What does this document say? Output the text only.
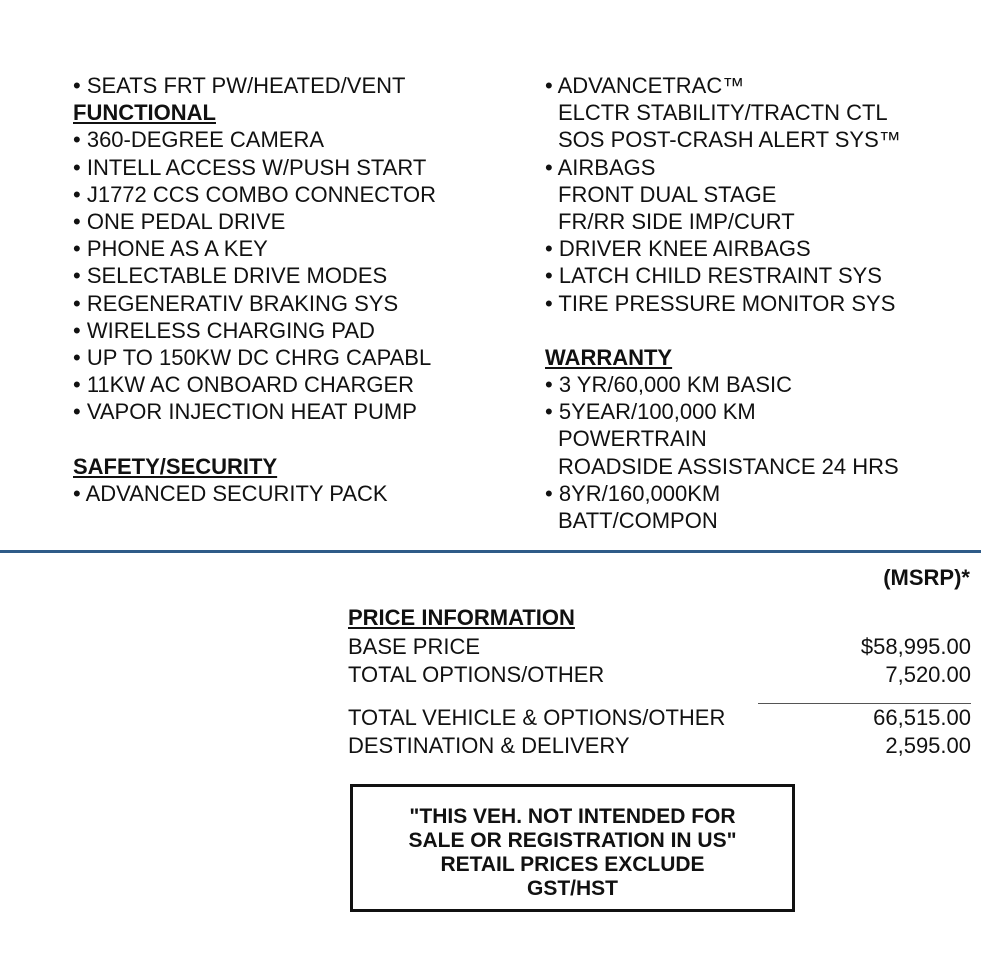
• SEATS FRT PW/HEATED/VENT
FUNCTIONAL
• 360-DEGREE CAMERA
• INTELL ACCESS W/PUSH START
• J1772 CCS COMBO CONNECTOR
• ONE PEDAL DRIVE
• PHONE AS A KEY
• SELECTABLE DRIVE MODES
• REGENERATIV BRAKING SYS
• WIRELESS CHARGING PAD
• UP TO 150KW DC CHRG CAPABL
• 11KW AC ONBOARD CHARGER
• VAPOR INJECTION HEAT PUMP
SAFETY/SECURITY
• ADVANCED SECURITY PACK
• ADVANCETRAC™
ELCTR STABILITY/TRACTN CTL
SOS POST-CRASH ALERT SYS™
• AIRBAGS
FRONT DUAL STAGE
FR/RR SIDE IMP/CURT
• DRIVER KNEE AIRBAGS
• LATCH CHILD RESTRAINT SYS
• TIRE PRESSURE MONITOR SYS
WARRANTY
• 3 YR/60,000 KM BASIC
• 5YEAR/100,000 KM
POWERTRAIN
ROADSIDE ASSISTANCE 24 HRS
• 8YR/160,000KM
BATT/COMPON
(MSRP)*
PRICE INFORMATION
BASE PRICE	$58,995.00
TOTAL OPTIONS/OTHER	7,520.00
TOTAL VEHICLE & OPTIONS/OTHER	66,515.00
DESTINATION & DELIVERY	2,595.00
"THIS VEH. NOT INTENDED FOR
SALE OR REGISTRATION IN US"
RETAIL PRICES EXCLUDE
GST/HST
